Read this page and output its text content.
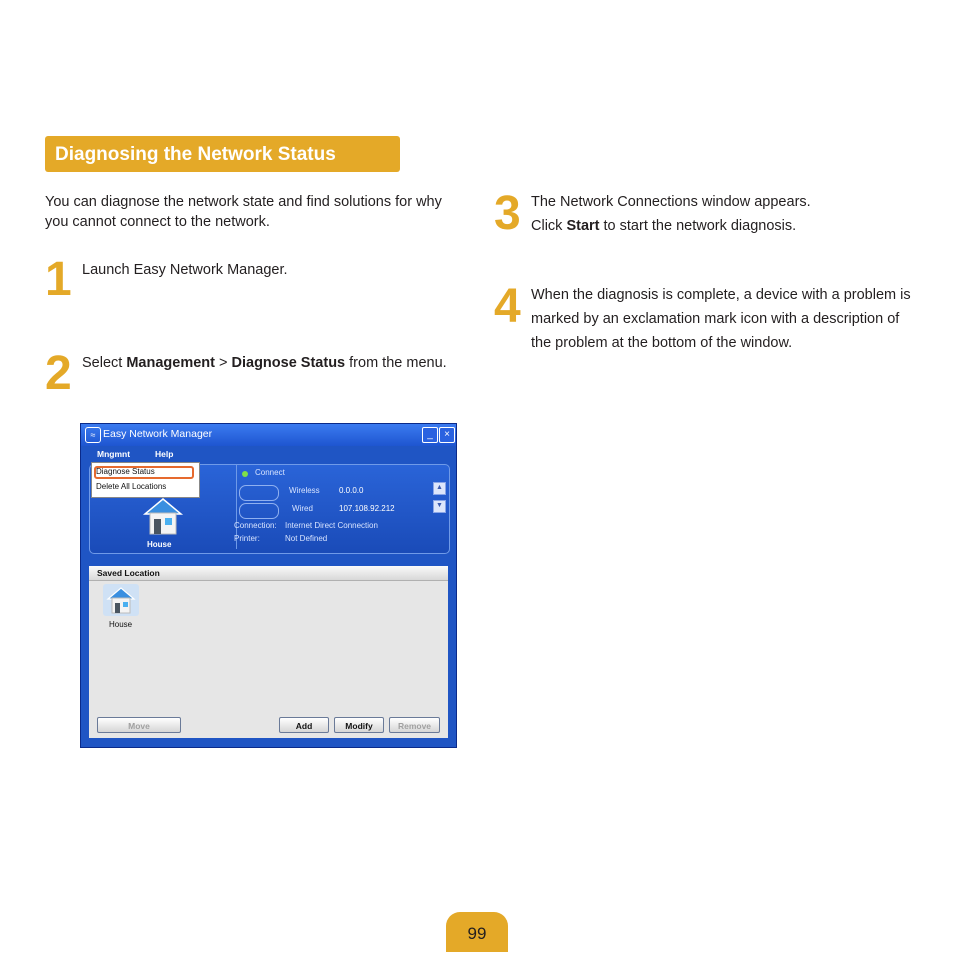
Diagnosing the Network Status
You can diagnose the network state and find solutions for why you cannot connect to the network.
1 Launch Easy Network Manager.
2 Select Management > Diagnose Status from the menu.
3 The Network Connections window appears.
Click Start to start the network diagnosis.
4 When the diagnosis is complete, a device with a problem is marked by an exclamation mark icon with a description of the problem at the bottom of the window.
≈ Easy Network Manager	_	×
Mngmnt	Help
Diagnose Status
Delete All Locations
Connect
Wireless 0.0.0.0
Wired	107.108.92.212
▲
▼
Connection: Internet Direct Connection
Printer:	Not Defined
House
Saved Location
House
Move	Add	Modify	Remove
99
